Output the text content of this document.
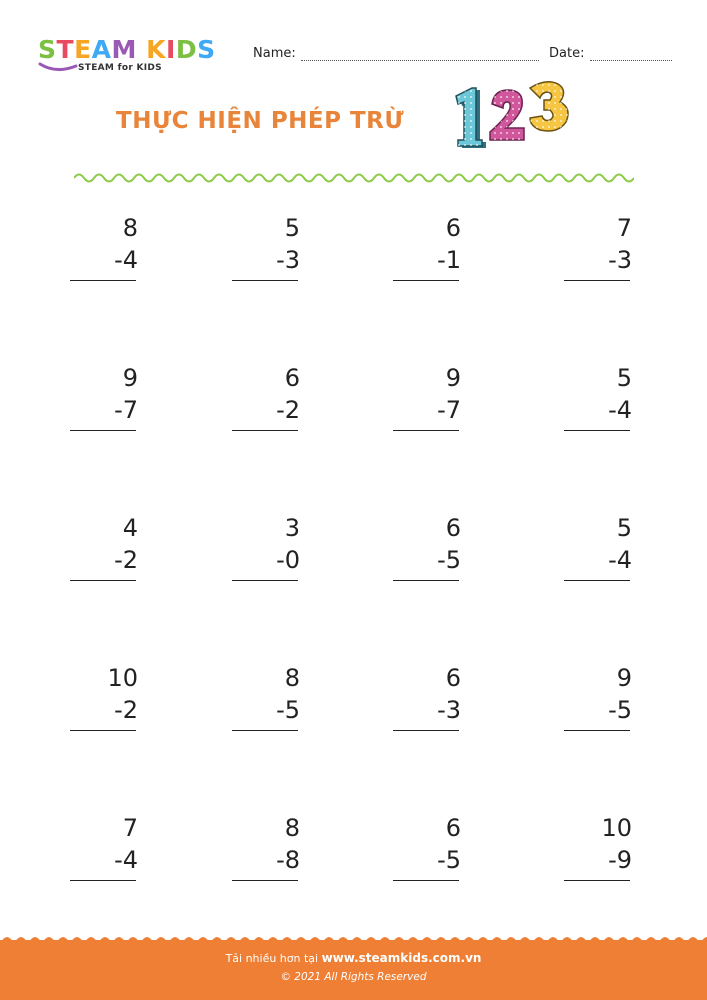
STEAM KIDS
STEAM for KIDS
Name:	Date:
THỰC HIỆN PHÉP TRỪ
8
-4
5
-3
6
-1
7
-3
9
-7
6
-2
9
-7
5
-4
4
-2
3
-0
6
-5
5
-4
10
-2
8
-5
6
-3
9
-5
7
-4
8
-8
6
-5
10
-9
Tải nhiều hơn tại www.steamkids.com.vn
© 2021 All Rights Reserved
